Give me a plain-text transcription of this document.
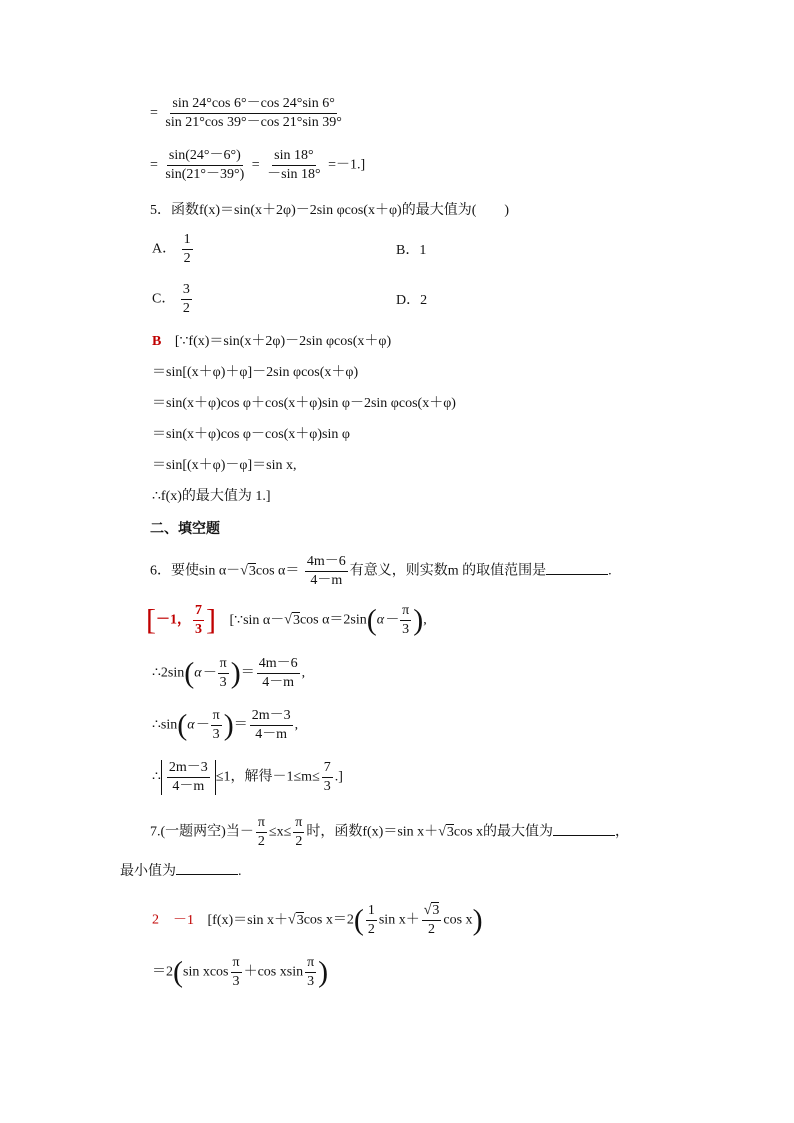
= $\frac{\sin 24^\circ\cos 6^\circ-\cos 24^\circ\sin 6^\circ}{\sin 21^\circ\cos 39^\circ-\cos 21^\circ\sin 39^\circ}$
= $\frac{\sin(24^\circ-6^\circ)}{\sin(21^\circ-39^\circ)} = \frac{\sin 18^\circ}{-\sin 18^\circ} =-1$.]
5．函数f(x)＝sin(x＋2φ)－2sin φcos(x＋φ)的最大值为(　　)
A． $\frac{1}{2}$	B．1
C． $\frac{3}{2}$	D．2
B [∵f(x)＝sin(x＋2φ)－2sin φcos(x＋φ)
＝sin[(x＋φ)＋φ]－2sin φcos(x＋φ)
＝sin(x＋φ)cos φ＋cos(x＋φ)sin φ－2sin φcos(x＋φ)
＝sin(x＋φ)cos φ－cos(x＋φ)sin φ
＝sin[(x＋φ)－φ]＝sin x,
∴f(x)的最大值为 1.]
二、填空题
6．要使sin α－√3cos $\alpha= \frac{4m-6}{4-m}$ 有意义，则实数m 的取值范围是	.
[－1， $\frac{7}{3}$ ] [∵sin α－√3cos $\alpha=2\sin(\alpha- \frac{\pi}{3}$ ),
∴2sin(α－ $\frac{\pi}{3}$ )＝ $\frac{4m-6}{4-m}$ ,
∴sin(α－ $\frac{\pi}{3}$ )＝ $\frac{2m-3}{4-m}$ ,
∴ $\frac{2m-3}{4-m} \le 1$，解得$-1\le m\le \frac{7}{3}$ .]
7.(一题两空)当－ $\frac{\pi}{2} \le x\le \frac{\pi}{2}$ 时，函数f(x)＝sin x＋√3cos x的最大值为	，
最小值为	.
2 －1 [f(x)＝sin x＋√3cos $x=2( \frac{1}{2}$ $\sin x+ \frac{√3}{2}$ cos x)
＝2(sin xcos $\frac{\pi}{3} +\cos$ xsin $\frac{\pi}{3}$ )
